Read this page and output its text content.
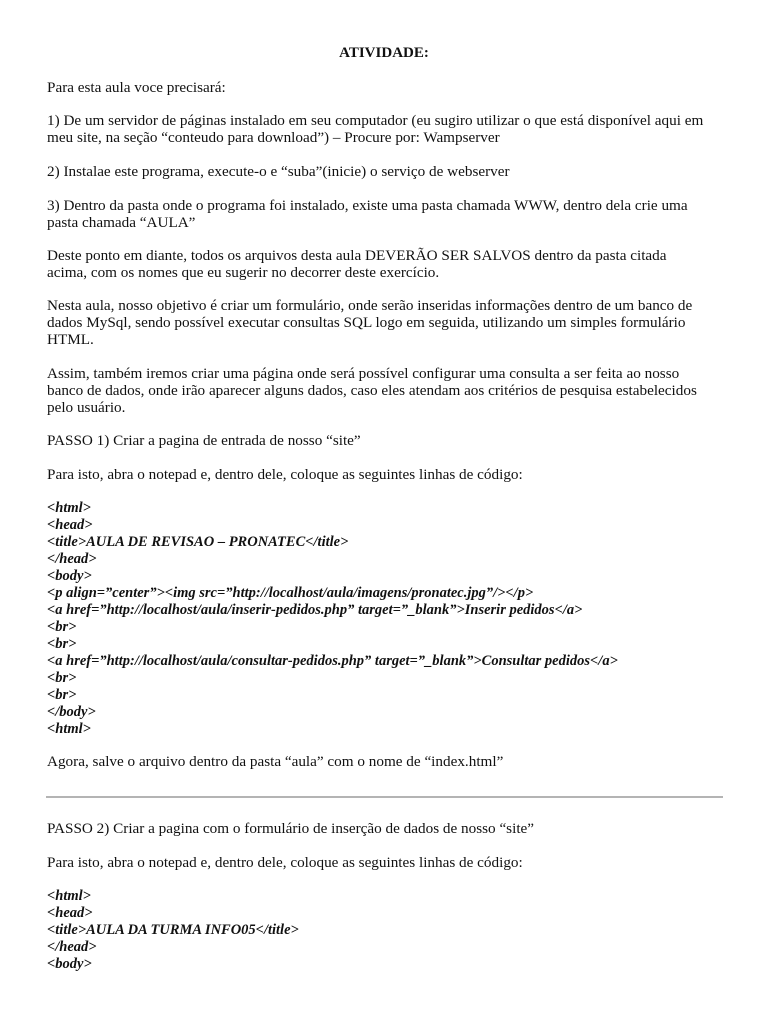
ATIVIDADE:
Para esta aula voce precisará:
1) De um servidor de páginas instalado em seu computador (eu sugiro utilizar o que está disponível aqui em
meu site, na seção “conteudo para download”) – Procure por: Wampserver
2) Instalae este programa, execute-o e “suba”(inicie) o serviço de webserver
3) Dentro da pasta onde o programa foi instalado, existe uma pasta chamada WWW, dentro dela crie uma
pasta chamada “AULA”
Deste ponto em diante, todos os arquivos desta aula DEVERÃO SER SALVOS dentro da pasta citada
acima, com os nomes que eu sugerir no decorrer deste exercício.
Nesta aula, nosso objetivo é criar um formulário, onde serão inseridas informações dentro de um banco de
dados MySql, sendo possível executar consultas SQL logo em seguida, utilizando um simples formulário
HTML.
Assim, também iremos criar uma página onde será possível configurar uma consulta a ser feita ao nosso
banco de dados, onde irão aparecer alguns dados, caso eles atendam aos critérios de pesquisa estabelecidos
pelo usuário.
PASSO 1) Criar a pagina de entrada de nosso “site”
Para isto, abra o notepad e, dentro dele, coloque as seguintes linhas de código:
<html>
<head>
<title>AULA DE REVISAO – PRONATEC</title>
</head>
<body>
<p align=”center”><img src=”http://localhost/aula/imagens/pronatec.jpg”/></p>
<a href=”http://localhost/aula/inserir-pedidos.php” target=”_blank”>Inserir pedidos</a>
<br>
<br>
<a href=”http://localhost/aula/consultar-pedidos.php” target=”_blank”>Consultar pedidos</a>
<br>
<br>
</body>
<html>
Agora, salve o arquivo dentro da pasta “aula” com o nome de “index.html”
PASSO 2) Criar a pagina com o formulário de inserção de dados de nosso “site”
Para isto, abra o notepad e, dentro dele, coloque as seguintes linhas de código:
<html>
<head>
<title>AULA DA TURMA INFO05</title>
</head>
<body>
